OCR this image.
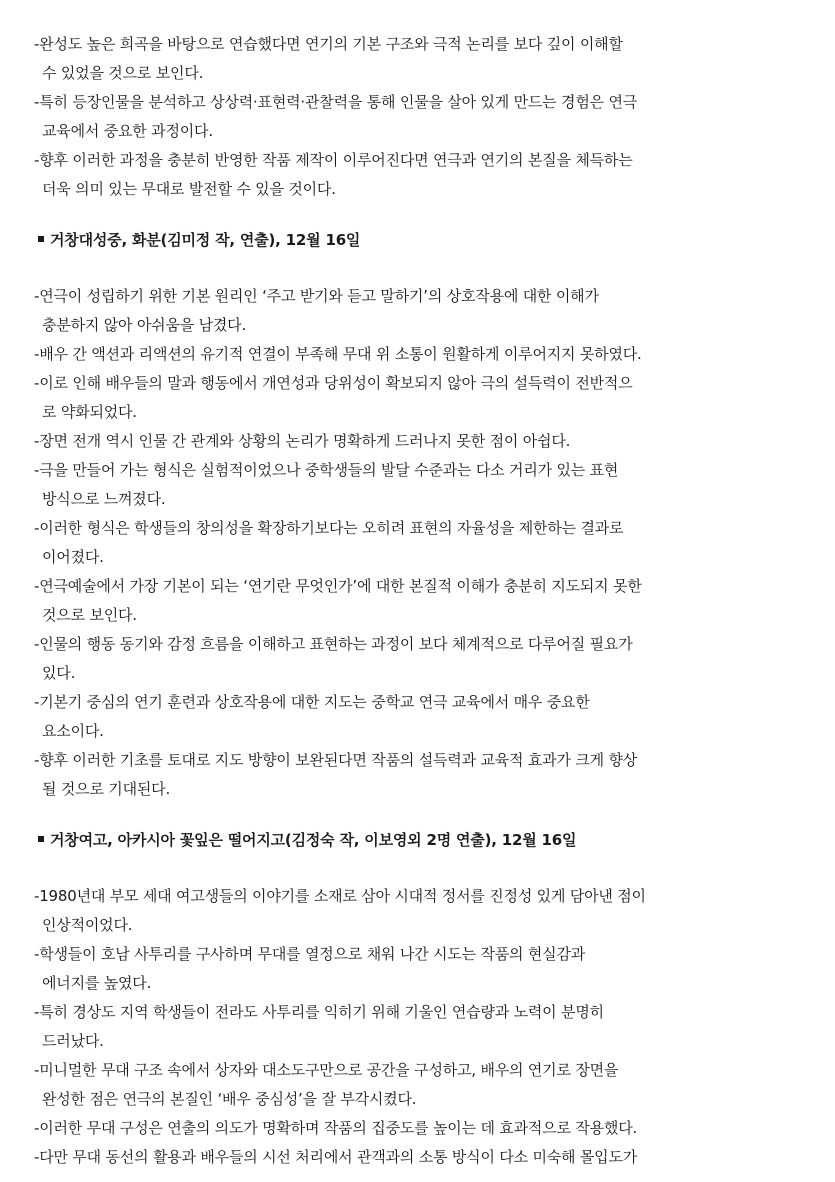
-완성도 높은 희곡을 바탕으로 연습했다면 연기의 기본 구조와 극적 논리를 보다 깊이 이해할
수 있었을 것으로 보인다.
-특히 등장인물을 분석하고 상상력·표현력·관찰력을 통해 인물을 살아 있게 만드는 경험은 연극
교육에서 중요한 과정이다.
-향후 이러한 과정을 충분히 반영한 작품 제작이 이루어진다면 연극과 연기의 본질을 체득하는
더욱 의미 있는 무대로 발전할 수 있을 것이다.
거창대성중, 화분(김미정 작, 연출), 12월 16일
-연극이 성립하기 위한 기본 원리인 ‘주고 받기와 듣고 말하기’의 상호작용에 대한 이해가
충분하지 않아 아쉬움을 남겼다.
-배우 간 액션과 리액션의 유기적 연결이 부족해 무대 위 소통이 원활하게 이루어지지 못하였다.
-이로 인해 배우들의 말과 행동에서 개연성과 당위성이 확보되지 않아 극의 설득력이 전반적으
로 약화되었다.
-장면 전개 역시 인물 간 관계와 상황의 논리가 명확하게 드러나지 못한 점이 아쉽다.
-극을 만들어 가는 형식은 실험적이었으나 중학생들의 발달 수준과는 다소 거리가 있는 표현
방식으로 느껴졌다.
-이러한 형식은 학생들의 창의성을 확장하기보다는 오히려 표현의 자율성을 제한하는 결과로
이어졌다.
-연극예술에서 가장 기본이 되는 ‘연기란 무엇인가’에 대한 본질적 이해가 충분히 지도되지 못한
것으로 보인다.
-인물의 행동 동기와 감정 흐름을 이해하고 표현하는 과정이 보다 체계적으로 다루어질 필요가
있다.
-기본기 중심의 연기 훈련과 상호작용에 대한 지도는 중학교 연극 교육에서 매우 중요한
요소이다.
-향후 이러한 기초를 토대로 지도 방향이 보완된다면 작품의 설득력과 교육적 효과가 크게 향상
될 것으로 기대된다.
거창여고, 아카시아 꽃잎은 떨어지고(김정숙 작, 이보영외 2명 연출), 12월 16일
-1980년대 부모 세대 여고생들의 이야기를 소재로 삼아 시대적 정서를 진정성 있게 담아낸 점이
인상적이었다.
-학생들이 호남 사투리를 구사하며 무대를 열정으로 채워 나간 시도는 작품의 현실감과
에너지를 높였다.
-특히 경상도 지역 학생들이 전라도 사투리를 익히기 위해 기울인 연습량과 노력이 분명히
드러났다.
-미니멀한 무대 구조 속에서 상자와 대소도구만으로 공간을 구성하고, 배우의 연기로 장면을
완성한 점은 연극의 본질인 ‘배우 중심성’을 잘 부각시켰다.
-이러한 무대 구성은 연출의 의도가 명확하며 작품의 집중도를 높이는 데 효과적으로 작용했다.
-다만 무대 동선의 활용과 배우들의 시선 처리에서 관객과의 소통 방식이 다소 미숙해 몰입도가
